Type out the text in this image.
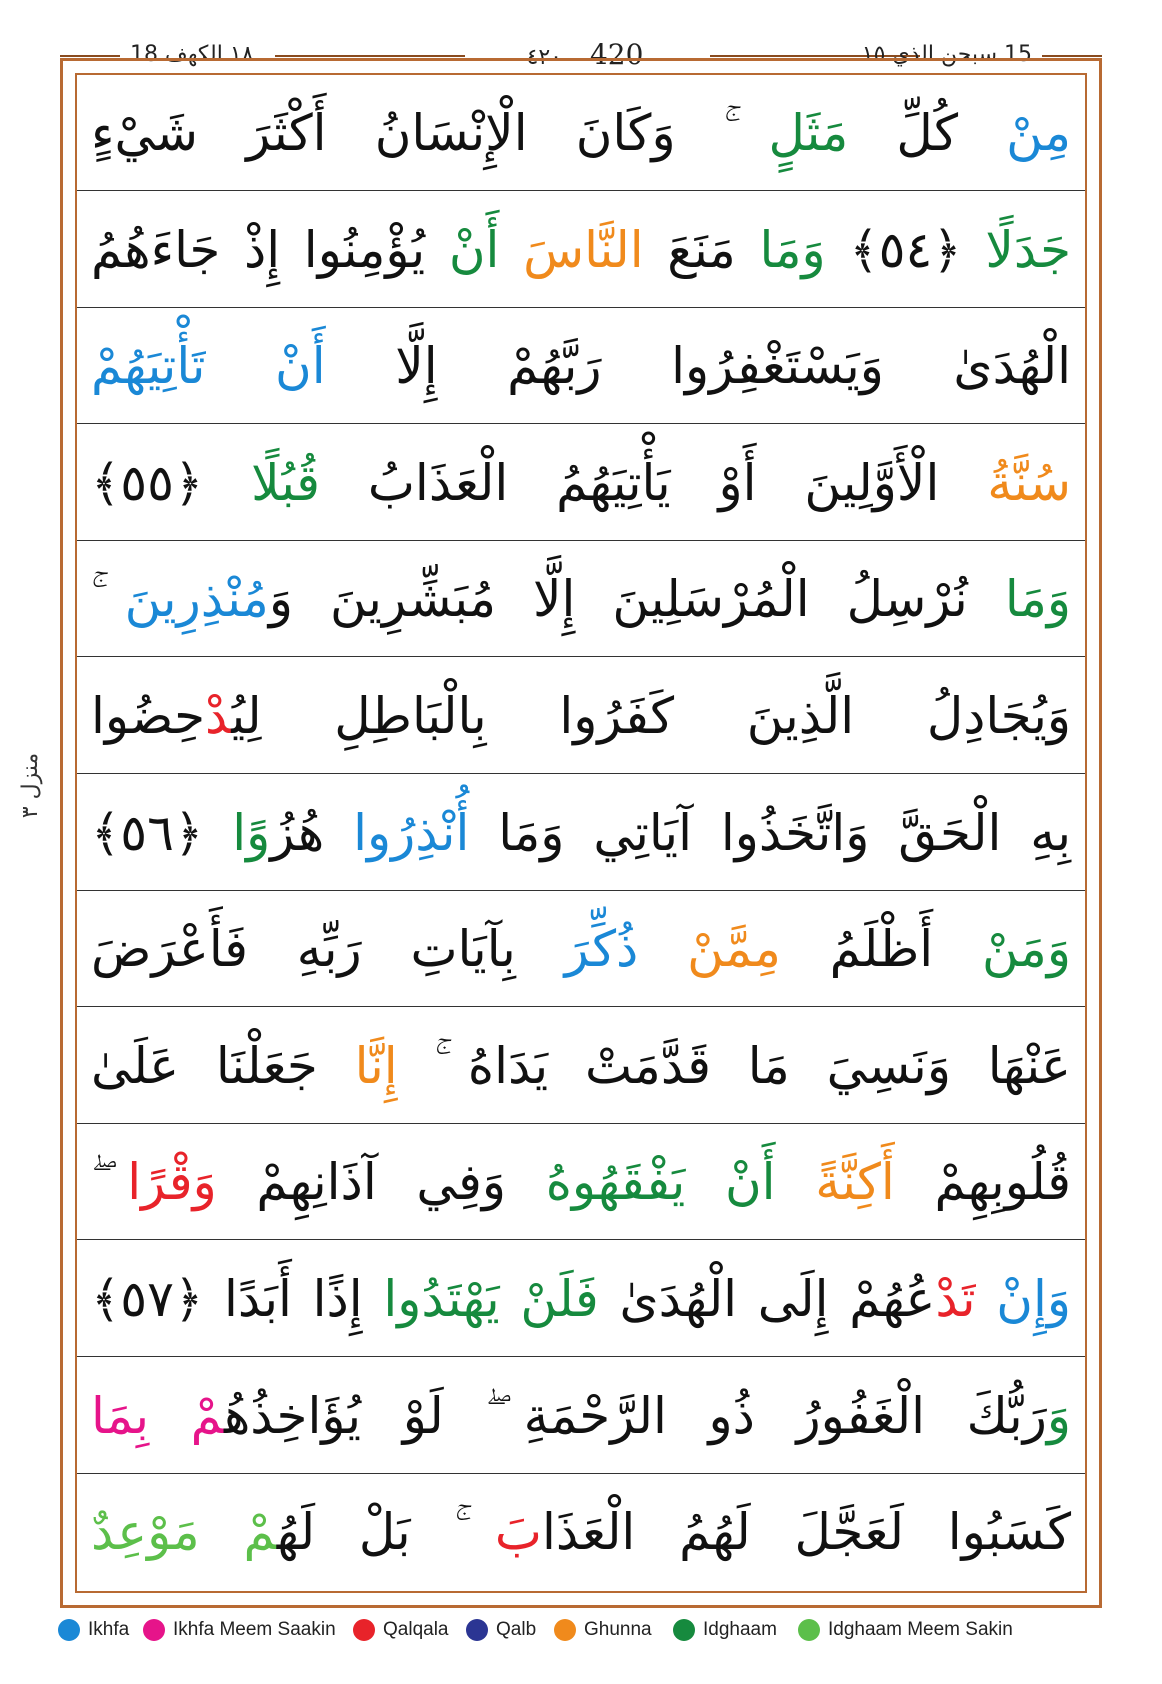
١٨ الكهف 18	٤٢٠ 420	15 سبحن الذي ١٥
منزل ٣
مِنْ كُلِّ مَثَلٍ ۚ وَكَانَ الْإِنْسَانُ أَكْثَرَ شَيْءٍ
جَدَلًا ﴿٥٤﴾ وَمَا مَنَعَ النَّاسَ أَنْ يُؤْمِنُوا إِذْ جَاءَهُمُ
الْهُدَىٰ وَيَسْتَغْفِرُوا رَبَّهُمْ إِلَّا أَنْ تَأْتِيَهُمْ
سُنَّةُ الْأَوَّلِينَ أَوْ يَأْتِيَهُمُ الْعَذَابُ قُبُلًا ﴿٥٥﴾
وَمَا نُرْسِلُ الْمُرْسَلِينَ إِلَّا مُبَشِّرِينَ وَمُنْذِرِينَ ۚ
وَيُجَادِلُ الَّذِينَ كَفَرُوا بِالْبَاطِلِ لِيُدْحِضُوا
بِهِ الْحَقَّ وَاتَّخَذُوا آيَاتِي وَمَا أُنْذِرُوا هُزُوًا ﴿٥٦﴾
وَمَنْ أَظْلَمُ مِمَّنْ ذُكِّرَ بِآيَاتِ رَبِّهِ فَأَعْرَضَ
عَنْهَا وَنَسِيَ مَا قَدَّمَتْ يَدَاهُ ۚ إِنَّا جَعَلْنَا عَلَىٰ
قُلُوبِهِمْ أَكِنَّةً أَنْ يَفْقَهُوهُ وَفِي آذَانِهِمْ وَقْرًا ۖ
وَإِنْ تَدْعُهُمْ إِلَى الْهُدَىٰ فَلَنْ يَهْتَدُوا إِذًا أَبَدًا ﴿٥٧﴾
وَرَبُّكَ الْغَفُورُ ذُو الرَّحْمَةِ ۖ لَوْ يُؤَاخِذُهُمْ بِمَا
كَسَبُوا لَعَجَّلَ لَهُمُ الْعَذَابَ ۚ بَلْ لَهُمْ مَوْعِدٌ
Ikhfa Ikhfa Meem Saakin Qalqala	Qalb	Ghunna	Idghaam	Idghaam Meem Sakin
